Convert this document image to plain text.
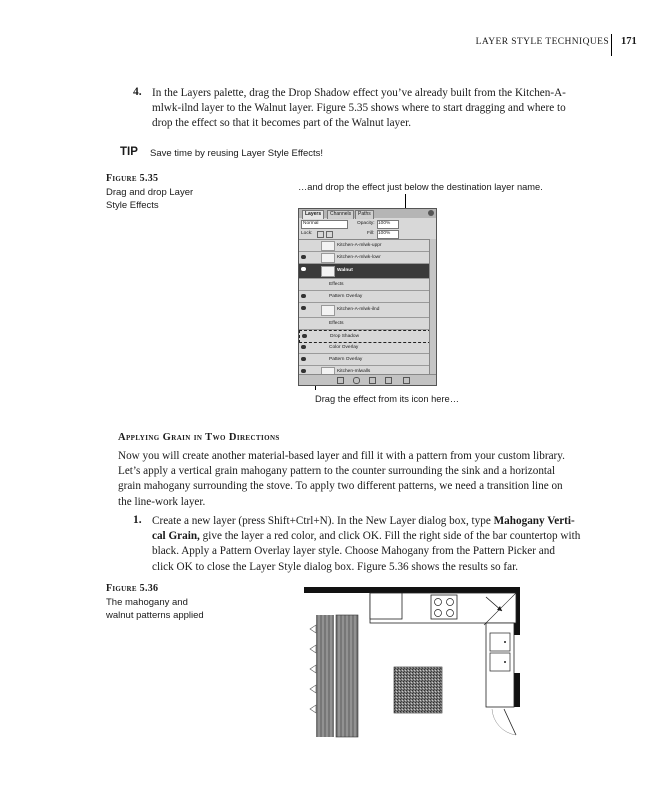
LAYER STYLE TECHNIQUES 171
4. In the Layers palette, drag the Drop Shadow effect you’ve already built from the Kitchen-A-
mlwk-ilnd layer to the Walnut layer. Figure 5.35 shows where to start dragging and where to
drop the effect so that it becomes part of the Walnut layer.
TIP Save time by reusing Layer Style Effects!
Figure 5.35
Drag and drop Layer
Style Effects
…and drop the effect just below the destination layer name.
Drag the effect from its icon here…
Layers	Channels	Paths
Normal	Opacity: 100%
Lock:	Fill: 100%
Kitchen-A-mlwk-uppr
Kitchen-A-mlwk-lowr
Walnut
Effects
Pattern Overlay
Kitchen-A-mlwk-ilnd
Effects
Drop Shadow
Color Overlay
Pattern Overlay
Kitchen-mlwalls
Applying Grain in Two Directions
Now you will create another material-based layer and fill it with a pattern from your custom library.
Let’s apply a vertical grain mahogany pattern to the counter surrounding the sink and a horizontal
grain mahogany surrounding the stove. To apply two different patterns, we need a transition line on
the line-work layer.
1. Create a new layer (press Shift+Ctrl+N). In the New Layer dialog box, type Mahogany Verti-
cal Grain, give the layer a red color, and click OK. Fill the right side of the bar countertop with
black. Apply a Pattern Overlay layer style. Choose Mahogany from the Pattern Picker and
click OK to close the Layer Style dialog box. Figure 5.36 shows the results so far.
Figure 5.36
The mahogany and
walnut patterns applied
